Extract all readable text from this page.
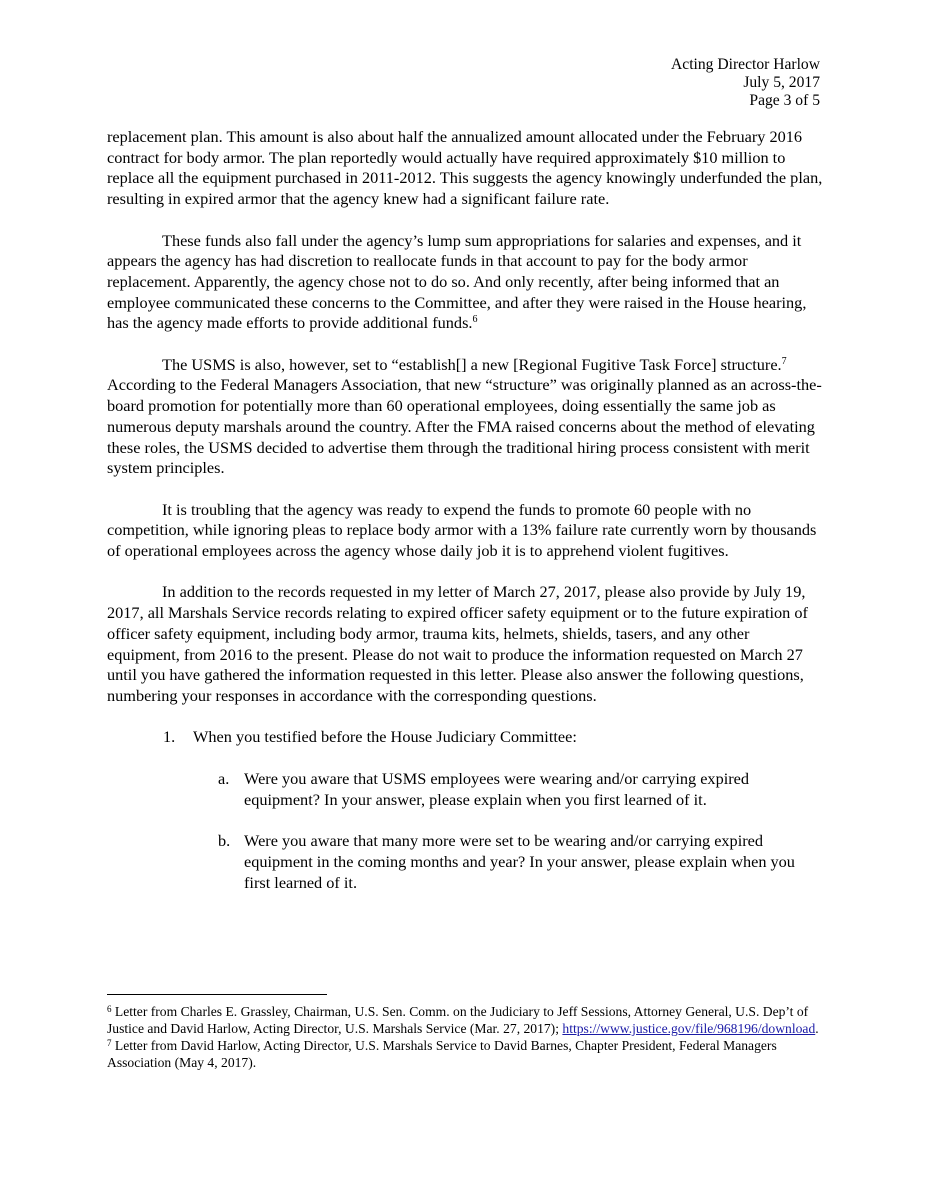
Acting Director Harlow
July 5, 2017
Page 3 of 5

replacement plan. This amount is also about half the annualized amount allocated under the February 2016 contract for body armor. The plan reportedly would actually have required approximately $10 million to replace all the equipment purchased in 2011-2012. This suggests the agency knowingly underfunded the plan, resulting in expired armor that the agency knew had a significant failure rate.

These funds also fall under the agency’s lump sum appropriations for salaries and expenses, and it appears the agency has had discretion to reallocate funds in that account to pay for the body armor replacement. Apparently, the agency chose not to do so. And only recently, after being informed that an employee communicated these concerns to the Committee, and after they were raised in the House hearing, has the agency made efforts to provide additional funds.$^6$

The USMS is also, however, set to “establish[] a new [Regional Fugitive Task Force] structure.$^7$ According to the Federal Managers Association, that new “structure” was originally planned as an across-the-board promotion for potentially more than 60 operational employees, doing essentially the same job as numerous deputy marshals around the country. After the FMA raised concerns about the method of elevating these roles, the USMS decided to advertise them through the traditional hiring process consistent with merit system principles.

It is troubling that the agency was ready to expend the funds to promote 60 people with no competition, while ignoring pleas to replace body armor with a 13% failure rate currently worn by thousands of operational employees across the agency whose daily job it is to apprehend violent fugitives.

In addition to the records requested in my letter of March 27, 2017, please also provide by July 19, 2017, all Marshals Service records relating to expired officer safety equipment or to the future expiration of officer safety equipment, including body armor, trauma kits, helmets, shields, tasers, and any other equipment, from 2016 to the present. Please do not wait to produce the information requested on March 27 until you have gathered the information requested in this letter. Please also answer the following questions, numbering your responses in accordance with the corresponding questions.

1. When you testified before the House Judiciary Committee:
a. Were you aware that USMS employees were wearing and/or carrying expired equipment? In your answer, please explain when you first learned of it.
b. Were you aware that many more were set to be wearing and/or carrying expired equipment in the coming months and year? In your answer, please explain when you first learned of it.
$^6$ Letter from Charles E. Grassley, Chairman, U.S. Sen. Comm. on the Judiciary to Jeff Sessions, Attorney General, U.S. Dep’t of Justice and David Harlow, Acting Director, U.S. Marshals Service (Mar. 27, 2017); https://www.justice.gov/file/968196/download.
$^7$ Letter from David Harlow, Acting Director, U.S. Marshals Service to David Barnes, Chapter President, Federal Managers Association (May 4, 2017).
